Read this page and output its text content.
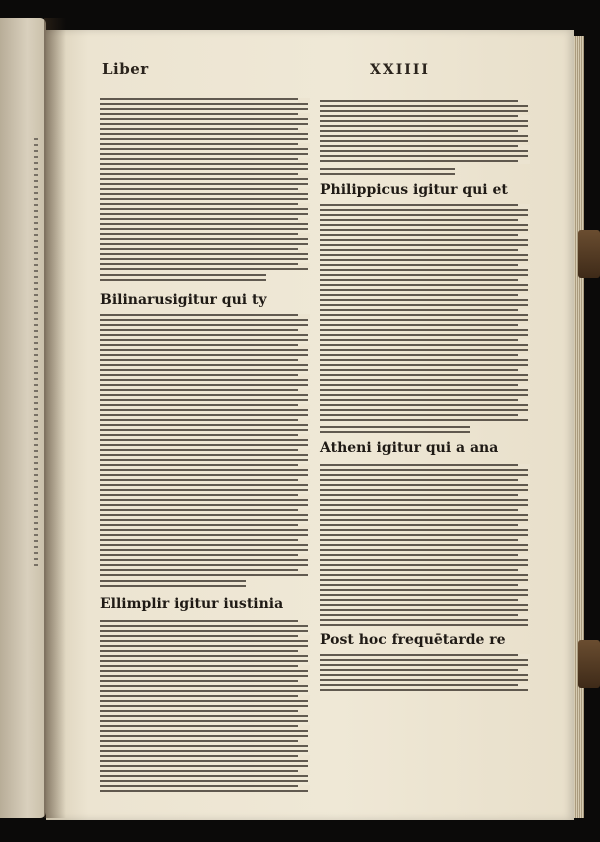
Liber	XXIIII
Bilinarusigitur qui ty
Ellimplir igitur iustinia
Philippicus igitur qui et
Atheni igitur qui a ana
Post hoc frequētarde re
